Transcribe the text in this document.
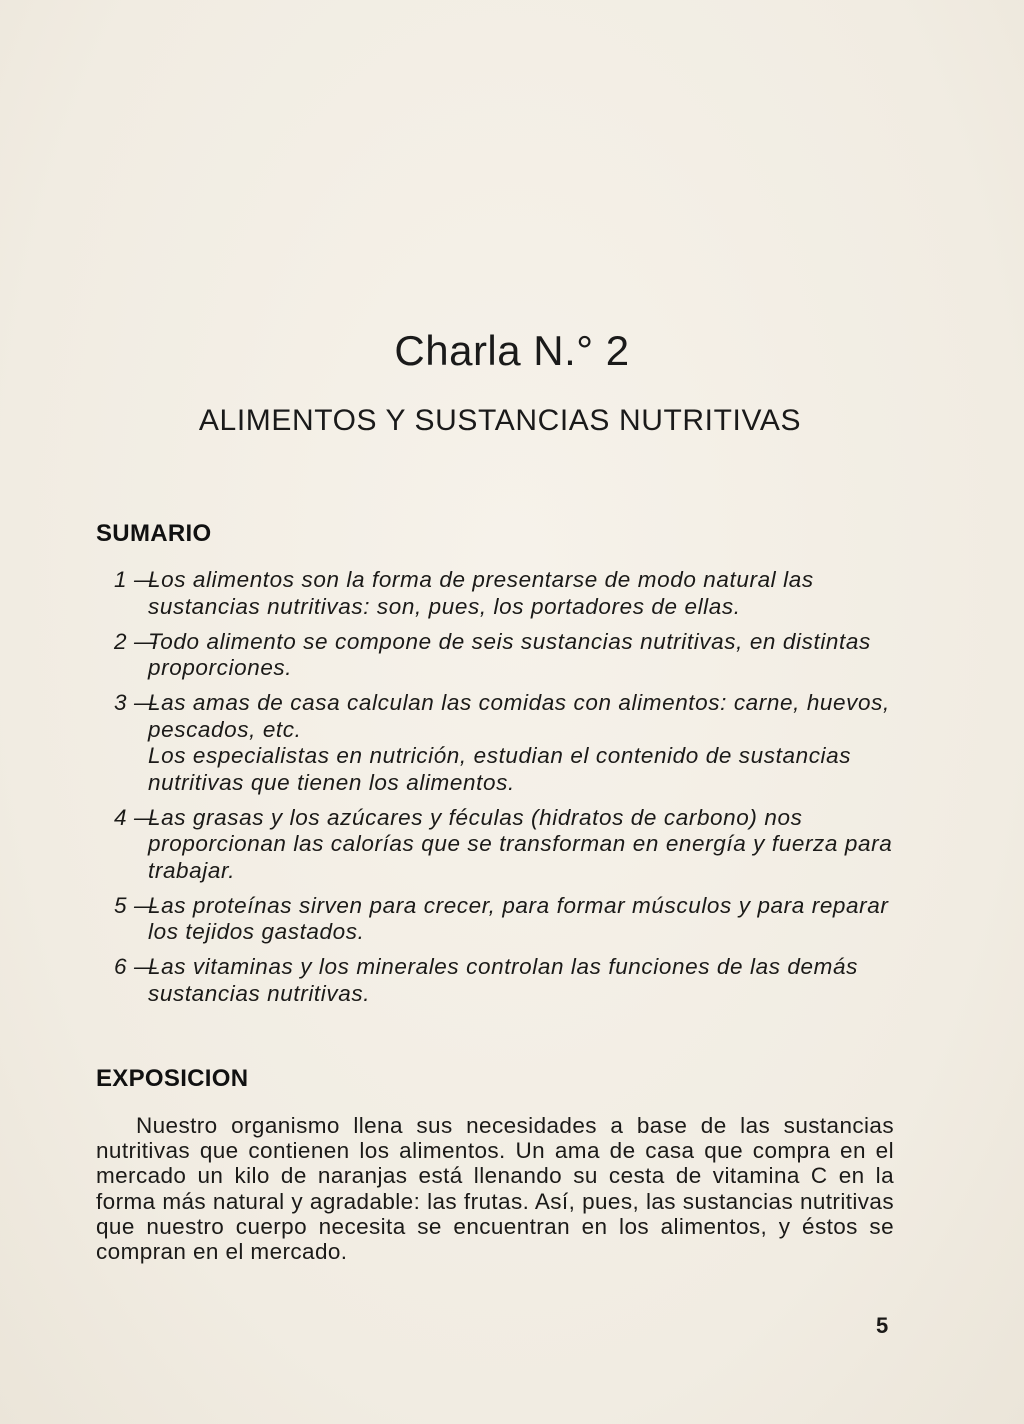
Charla N.° 2
ALIMENTOS Y SUSTANCIAS NUTRITIVAS
SUMARIO
1 —
Los alimentos son la forma de presentarse de modo natural las sustancias nutritivas: son, pues, los portadores de ellas.
2 —
Todo alimento se compone de seis sustancias nutritivas, en distintas proporciones.
3 —
Las amas de casa calculan las comidas con alimentos: carne, huevos, pescados, etc.
Los especialistas en nutrición, estudian el contenido de sustancias nutritivas que tienen los alimentos.
4 —
Las grasas y los azúcares y féculas (hidratos de carbono) nos proporcionan las calorías que se transforman en energía y fuerza para trabajar.
5 —
Las proteínas sirven para crecer, para formar músculos y para reparar los tejidos gastados.
6 —
Las vitaminas y los minerales controlan las funciones de las demás sustancias nutritivas.
EXPOSICION

Nuestro organismo llena sus necesidades a base de las sustancias nutritivas que contienen los alimentos. Un ama de casa que compra en el mercado un kilo de naranjas está llenando su cesta de vitamina C en la forma más natural y agradable: las frutas. Así, pues, las sustancias nutritivas que nuestro cuerpo necesita se encuentran en los alimentos, y éstos se compran en el mercado.

5
